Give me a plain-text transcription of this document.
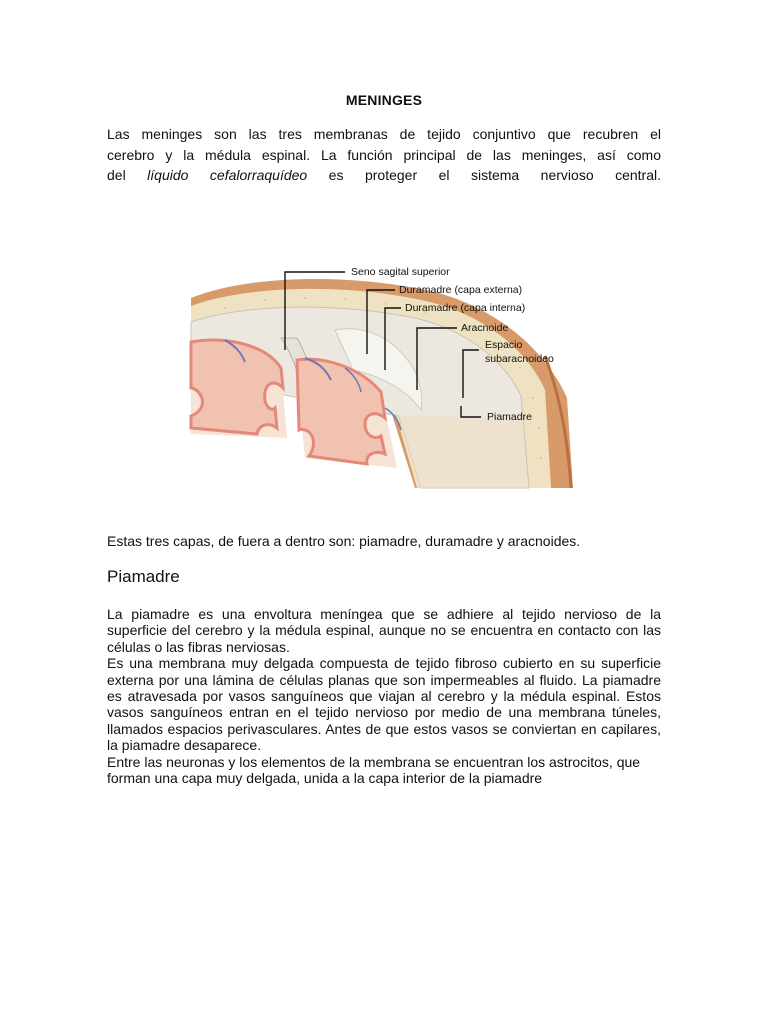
MENINGES
Las meninges son las tres membranas de tejido conjuntivo que recubren el
cerebro y la médula espinal. La función principal de las meninges, así como
del líquido cefalorraquídeo es proteger el sistema nervioso central.
Seno sagital superior
Duramadre (capa externa)
Duramadre (capa interna)
Aracnoide
Espacio
subaracnoideo
Piamadre

Estas tres capas, de fuera a dentro son: piamadre, duramadre y aracnoides.

Piamadre

La piamadre es una envoltura meníngea que se adhiere al tejido nervioso de la superficie del cerebro y la médula espinal, aunque no se encuentra en contacto con las células o las fibras nerviosas.

Es una membrana muy delgada compuesta de tejido fibroso cubierto en su superficie externa por una lámina de células planas que son impermeables al fluido. La piamadre es atravesada por vasos sanguíneos que viajan al cerebro y la médula espinal. Estos vasos sanguíneos entran en el tejido nervioso por medio de una membrana túneles, llamados espacios perivasculares. Antes de que estos vasos se conviertan en capilares, la piamadre desaparece.

Entre las neuronas y los elementos de la membrana se encuentran los astrocitos, que forman una capa muy delgada, unida a la capa interior de la piamadre
